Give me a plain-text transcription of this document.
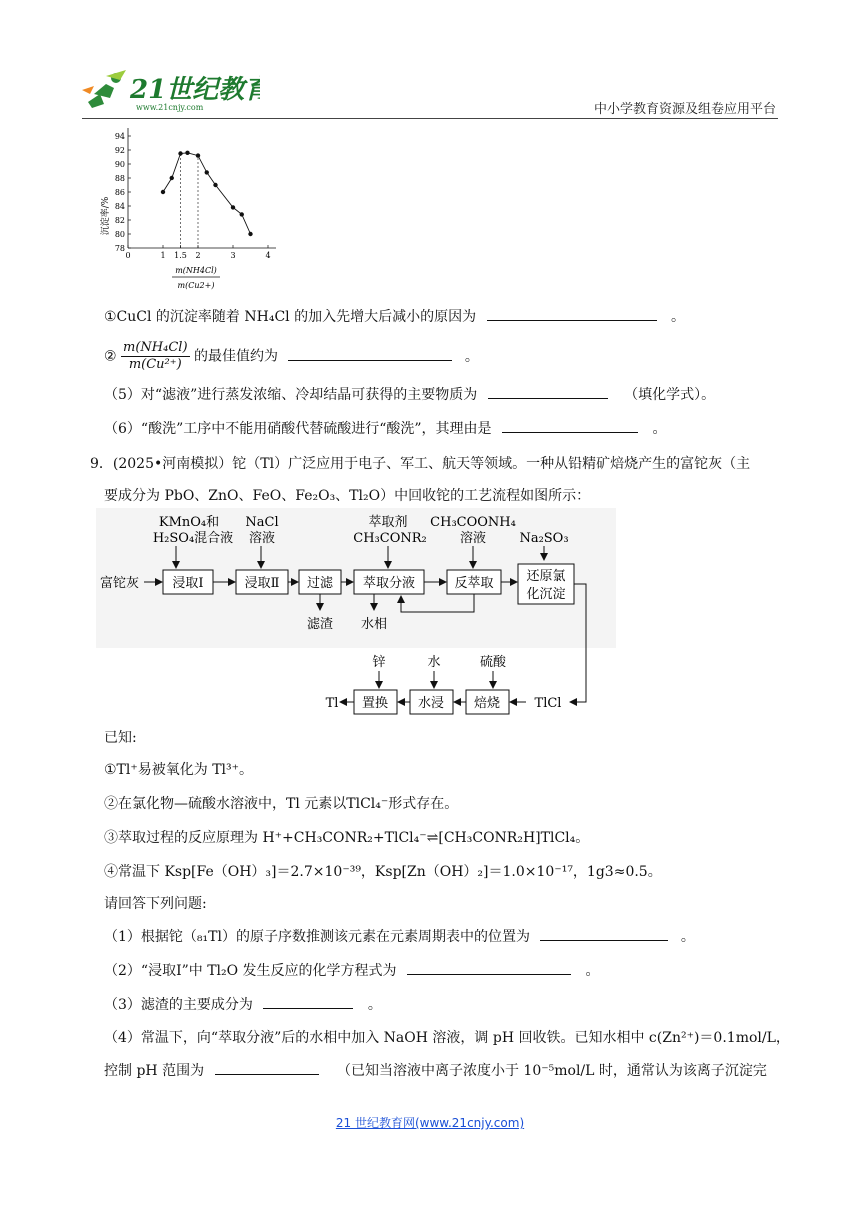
21世纪教育
www.21cnjy.com	中小学教育资源及组卷应用平台
沉淀率/%
0	1 1.5 2	3	4
78
80
82
84
86
88
90
92
94
m(NH4Cl)
m(Cu2+)
①CuCl 的沉淀率随着 NH₄Cl 的加入先增大后减小的原因为	。
② $\frac{\text{m(NH₄Cl)}}{\text{m(Cu²⁺)}}$ 的最佳值约为	。
（5）对“滤液”进行蒸发浓缩、冷却结晶可获得的主要物质为	（填化学式）。
（6）“酸洗”工序中不能用硝酸代替硫酸进行“酸洗”，其理由是	。
9．(2025•河南模拟）铊（Tl）广泛应用于电子、军工、航天等领域。一种从铅精矿焙烧产生的富铊灰（主
要成分为 PbO、ZnO、FeO、Fe₂O₃、Tl₂O）中回收铊的工艺流程如图所示：
KMnO₄和
H₂SO₄混合液
NaCl
溶液
萃取剂
CH₃CONR₂
CH₃COONH₄
溶液	Na₂SO₃
富铊灰	浸取Ⅰ	浸取Ⅱ 过滤 萃取分液	反萃取	还原氯
化沉淀
滤渣 水相
TlCl
焙烧
水浸
置换
Tl
锌	水	硫酸
已知:
①Tl⁺易被氧化为 Tl³⁺。
②在氯化物—硫酸水溶液中，Tl 元素以TlCl₄⁻形式存在。
③萃取过程的反应原理为 H⁺+CH₃CONR₂+TlCl₄⁻⇌[CH₃CONR₂H]TlCl₄。
④常温下 Ksp[Fe（OH）₃]＝2.7×10⁻³⁹，Ksp[Zn（OH）₂]＝1.0×10⁻¹⁷，1g3≈0.5。
请回答下列问题:
（1）根据铊（₈₁Tl）的原子序数推测该元素在元素周期表中的位置为	。
（2）“浸取Ⅰ”中 Tl₂O 发生反应的化学方程式为	。
（3）滤渣的主要成分为	。
（4）常温下，向“萃取分液”后的水相中加入 NaOH 溶液，调 pH 回收铁。已知水相中 c(Zn²⁺)＝0.1mol/L，
控制 pH 范围为	（已知当溶液中离子浓度小于 10⁻⁵mol/L 时，通常认为该离子沉淀完
21 世纪教育网(www.21cnjy.com)
